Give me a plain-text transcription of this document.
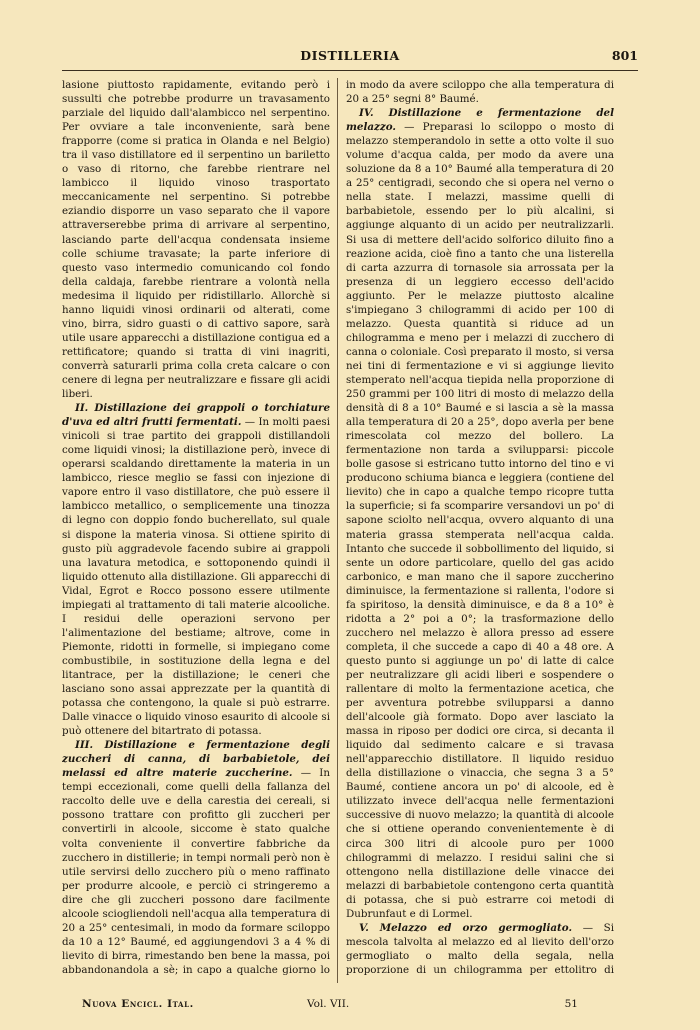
DISTILLERIA	801

lasione piuttosto rapidamente, evitando però i sussulti che potrebbe produrre un travasamento parziale del liquido dall'alambicco nel serpentino. Per ovviare a tale inconveniente, sarà bene frapporre (come si pratica in Olanda e nel Belgio) tra il vaso distillatore ed il serpentino un bariletto o vaso di ritorno, che farebbe rientrare nel lambicco il liquido vinoso trasportato meccanicamente nel serpentino. Si potrebbe eziandio disporre un vaso separato che il vapore attraverserebbe prima di arrivare al serpentino, lasciando parte dell'acqua condensata insieme colle schiume travasate; la parte inferiore di questo vaso intermedio comunicando col fondo della caldaja, farebbe rientrare a volontà nella medesima il liquido per ridistillarlo. Allorchè si hanno liquidi vinosi ordinarii od alterati, come vino, birra, sidro guasti o di cattivo sapore, sarà utile usare apparecchi a distillazione contigua ed a rettificatore; quando si tratta di vini inagriti, converrà saturarli prima colla creta calcare o con cenere di legna per neutralizzare e fissare gli acidi liberi.

II. Distillazione dei grappoli o torchiature d'uva ed altri frutti fermentati. — In molti paesi vinicoli si trae partito dei grappoli distillandoli come liquidi vinosi; la distillazione però, invece di operarsi scaldando direttamente la materia in un lambicco, riesce meglio se fassi con injezione di vapore entro il vaso distillatore, che può essere il lambicco metallico, o semplicemente una tinozza di legno con doppio fondo bucherellato, sul quale si dispone la materia vinosa. Si ottiene spirito di gusto più aggradevole facendo subire ai grappoli una lavatura metodica, e sottoponendo quindi il liquido ottenuto alla distillazione. Gli apparecchi di Vidal, Egrot e Rocco possono essere utilmente impiegati al trattamento di tali materie alcooliche. I residui delle operazioni servono per l'alimentazione del bestiame; altrove, come in Piemonte, ridotti in formelle, si impiegano come combustibile, in sostituzione della legna e del litantrace, per la distillazione; le ceneri che lasciano sono assai apprezzate per la quantità di potassa che contengono, la quale si può estrarre. Dalle vinacce o liquido vinoso esaurito di alcoole si può ottenere del bitartrato di potassa.

III. Distillazione e fermentazione degli zuccheri di canna, di barbabietole, dei melassi ed altre materie zuccherine. — In tempi eccezionali, come quelli della fallanza del raccolto delle uve e della carestia dei cereali, si possono trattare con profitto gli zuccheri per convertirli in alcoole, siccome è stato qualche volta conveniente il convertire fabbriche da zucchero in distillerie; in tempi normali però non è utile servirsi dello zucchero più o meno raffinato per produrre alcoole, e perciò ci stringeremo a dire che gli zuccheri possono dare facilmente alcoole sciogliendoli nell'acqua alla temperatura di 20 a 25° centesimali, in modo da formare sciloppo da 10 a 12° Baumé, ed aggiungendovi 3 a 4 % di lievito di birra, rimestando ben bene la massa, poi abbandonandola a sè; in capo a qualche giorno lo

in modo da avere sciloppo che alla temperatura di 20 a 25° segni 8° Baumé.

IV. Distillazione e fermentazione del melazzo. — Preparasi lo sciloppo o mosto di melazzo stemperandolo in sette a otto volte il suo volume d'acqua calda, per modo da avere una soluzione da 8 a 10° Baumé alla temperatura di 20 a 25° centigradi, secondo che si opera nel verno o nella state. I melazzi, massime quelli di barbabietole, essendo per lo più alcalini, si aggiunge alquanto di un acido per neutralizzarli. Si usa di mettere dell'acido solforico diluito fino a reazione acida, cioè fino a tanto che una listerella di carta azzurra di tornasole sia arrossata per la presenza di un leggiero eccesso dell'acido aggiunto. Per le melazze piuttosto alcaline s'impiegano 3 chilogrammi di acido per 100 di melazzo. Questa quantità si riduce ad un chilogramma e meno per i melazzi di zucchero di canna o coloniale. Così preparato il mosto, si versa nei tini di fermentazione e vi si aggiunge lievito stemperato nell'acqua tiepida nella proporzione di 250 grammi per 100 litri di mosto di melazzo della densità di 8 a 10° Baumé e si lascia a sè la massa alla temperatura di 20 a 25°, dopo averla per bene rimescolata col mezzo del bollero. La fermentazione non tarda a svilupparsi: piccole bolle gasose si estricano tutto intorno del tino e vi producono schiuma bianca e leggiera (contiene del lievito) che in capo a qualche tempo ricopre tutta la superficie; si fa scomparire versandovi un po' di sapone sciolto nell'acqua, ovvero alquanto di una materia grassa stemperata nell'acqua calda. Intanto che succede il sobbollimento del liquido, si sente un odore particolare, quello del gas acido carbonico, e man mano che il sapore zuccherino diminuisce, la fermentazione si rallenta, l'odore si fa spiritoso, la densità diminuisce, e da 8 a 10° è ridotta a 2° poi a 0°; la trasformazione dello zucchero nel melazzo è allora presso ad essere completa, il che succede a capo di 40 a 48 ore. A questo punto si aggiunge un po' di latte di calce per neutralizzare gli acidi liberi e sospendere o rallentare di molto la fermentazione acetica, che per avventura potrebbe svilupparsi a danno dell'alcoole già formato. Dopo aver lasciato la massa in riposo per dodici ore circa, si decanta il liquido dal sedimento calcare e si travasa nell'apparecchio distillatore. Il liquido residuo della distillazione o vinaccia, che segna 3 a 5° Baumé, contiene ancora un po' di alcoole, ed è utilizzato invece dell'acqua nelle fermentazioni successive di nuovo melazzo; la quantità di alcoole che si ottiene operando convenientemente è di circa 300 litri di alcoole puro per 1000 chilogrammi di melazzo. I residui salini che si ottengono nella distillazione delle vinacce dei melazzi di barbabietole contengono certa quantità di potassa, che si può estrarre coi metodi di Dubrunfaut e di Lormel.

V. Melazzo ed orzo germogliato. — Si mescola talvolta al melazzo ed al lievito dell'orzo germogliato o malto della segala, nella proporzione di un chilogramma per ettolitro di

Nuova Encicl. Ital.	Vol. VII.	51
